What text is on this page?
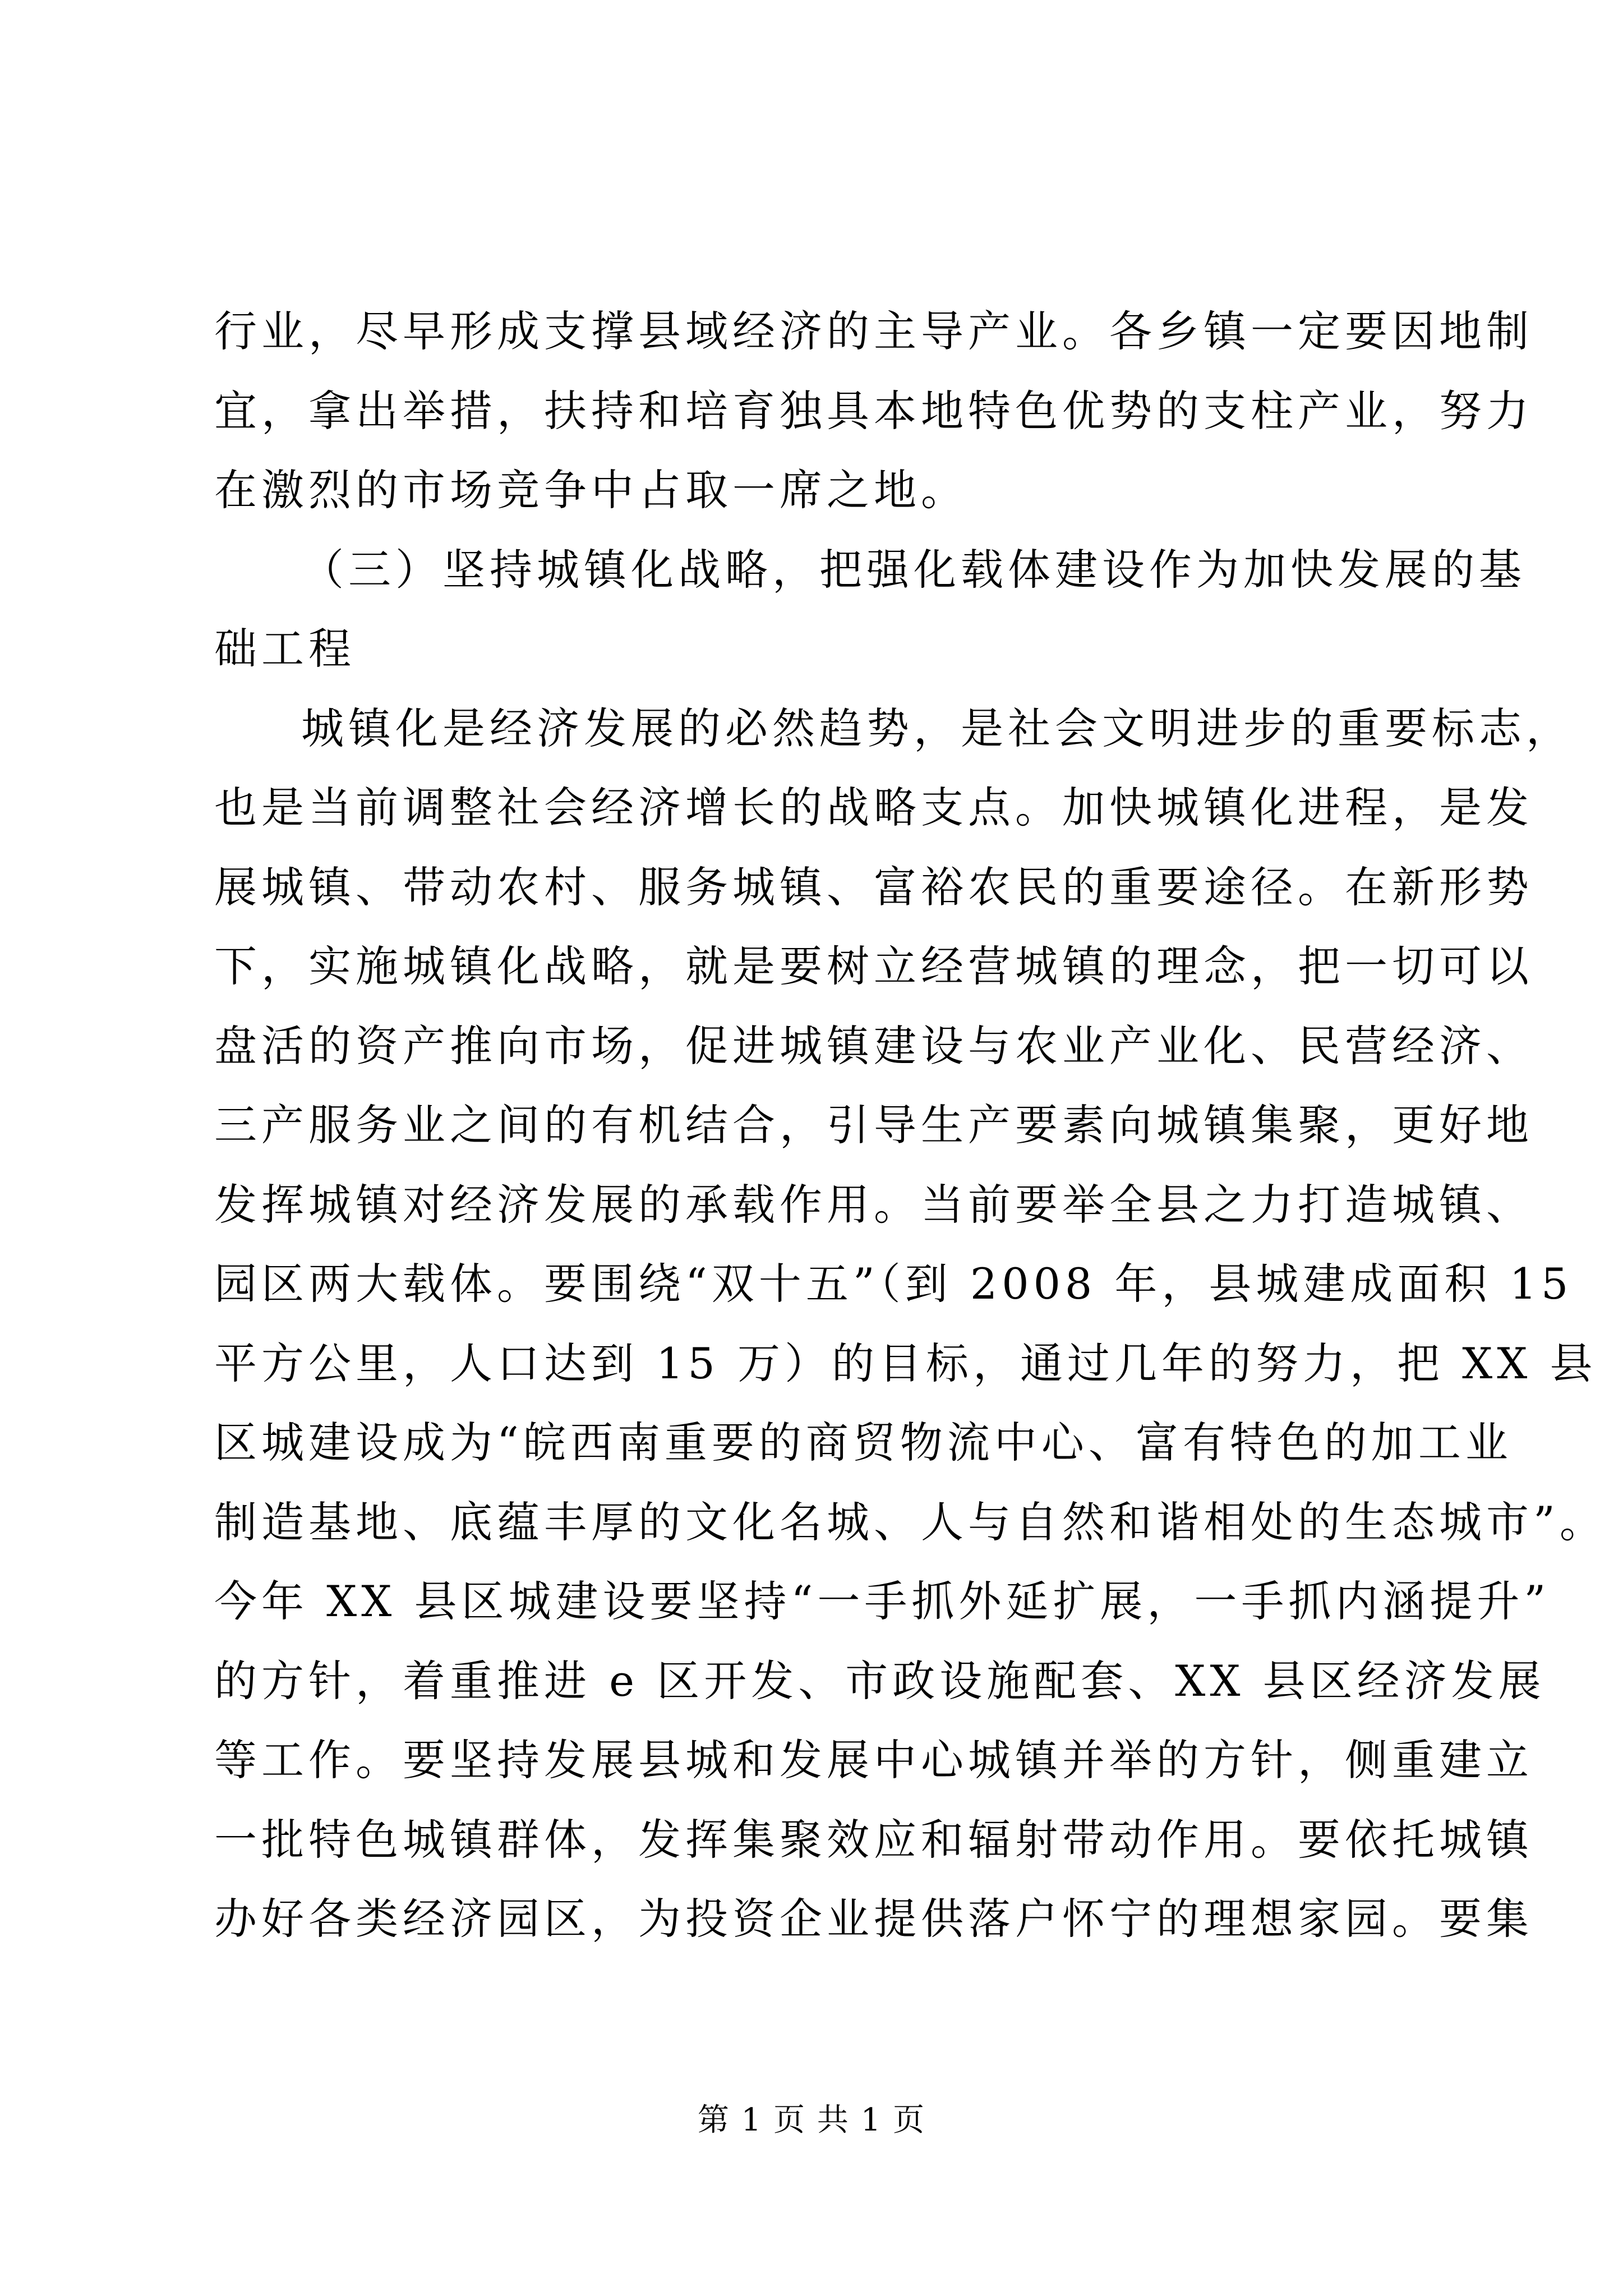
行业，尽早形成支撑县域经济的主导产业。各乡镇一定要因地制
宜，拿出举措，扶持和培育独具本地特色优势的支柱产业，努力
在激烈的市场竞争中占取一席之地。
（三）坚持城镇化战略，把强化载体建设作为加快发展的基
础工程
城镇化是经济发展的必然趋势，是社会文明进步的重要标志，
也是当前调整社会经济增长的战略支点。加快城镇化进程，是发
展城镇、带动农村、服务城镇、富裕农民的重要途径。在新形势
下，实施城镇化战略，就是要树立经营城镇的理念，把一切可以
盘活的资产推向市场，促进城镇建设与农业产业化、民营经济、
三产服务业之间的有机结合，引导生产要素向城镇集聚，更好地
发挥城镇对经济发展的承载作用。当前要举全县之力打造城镇、
园区两大载体。要围绕“双十五”（到 2008 年，县城建成面积 15
平方公里，人口达到 15 万）的目标，通过几年的努力，把 XX 县
区城建设成为“皖西南重要的商贸物流中心、富有特色的加工业
制造基地、底蕴丰厚的文化名城、人与自然和谐相处的生态城市”。
今年 XX 县区城建设要坚持“一手抓外延扩展，一手抓内涵提升”
的方针，着重推进 e 区开发、市政设施配套、XX 县区经济发展
等工作。要坚持发展县城和发展中心城镇并举的方针，侧重建立
一批特色城镇群体，发挥集聚效应和辐射带动作用。要依托城镇
办好各类经济园区，为投资企业提供落户怀宁的理想家园。要集
第 1 页 共 1 页
